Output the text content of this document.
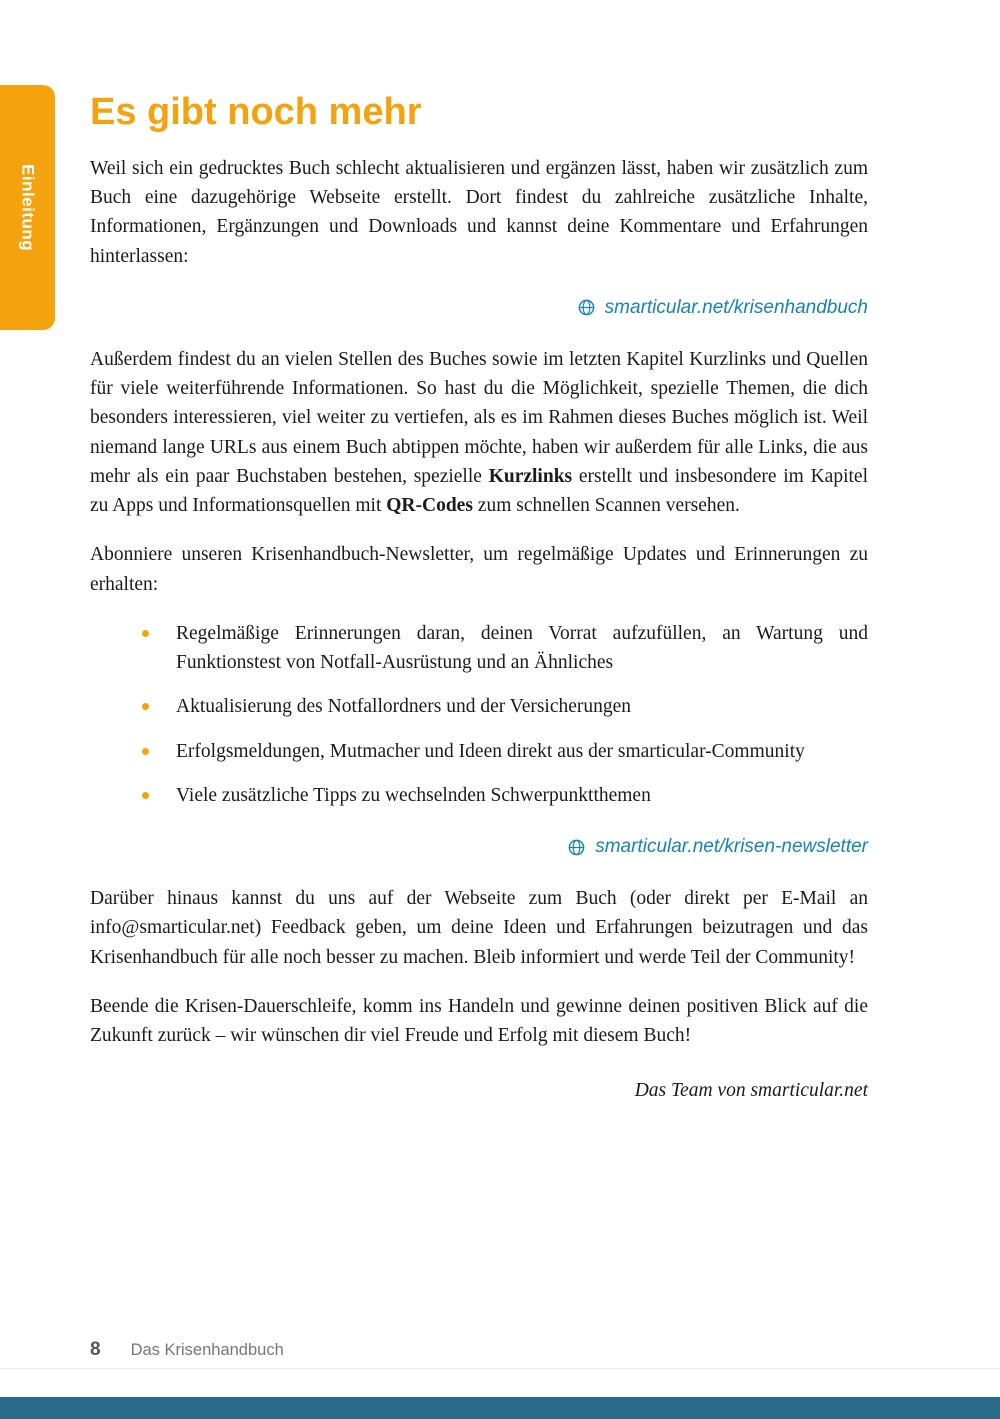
Einleitung
Es gibt noch mehr

Weil sich ein gedrucktes Buch schlecht aktualisieren und ergänzen lässt, haben wir zusätzlich zum Buch eine dazugehörige Webseite erstellt. Dort findest du zahlreiche zusätzliche Inhalte, Informationen, Ergänzungen und Downloads und kannst deine Kommentare und Erfahrungen hinterlassen:

smarticular.net/krisenhandbuch

Außerdem findest du an vielen Stellen des Buches sowie im letzten Kapitel Kurzlinks und Quellen für viele weiterführende Informationen. So hast du die Möglichkeit, spezielle Themen, die dich besonders interessieren, viel weiter zu vertiefen, als es im Rahmen dieses Buches möglich ist. Weil niemand lange URLs aus einem Buch abtippen möchte, haben wir außerdem für alle Links, die aus mehr als ein paar Buchstaben bestehen, spezielle Kurzlinks erstellt und insbesondere im Kapitel zu Apps und Informationsquellen mit QR-Codes zum schnellen Scannen versehen.

Abonniere unseren Krisenhandbuch-Newsletter, um regelmäßige Updates und Erinnerungen zu erhalten:

Regelmäßige Erinnerungen daran, deinen Vorrat aufzufüllen, an Wartung und Funktionstest von Notfall-Ausrüstung und an Ähnliches
Aktualisierung des Notfallordners und der Versicherungen
Erfolgsmeldungen, Mutmacher und Ideen direkt aus der smarticular-Community
Viele zusätzliche Tipps zu wechselnden Schwerpunktthemen
smarticular.net/krisen-newsletter

Darüber hinaus kannst du uns auf der Webseite zum Buch (oder direkt per E-Mail an info@smarticular.net) Feedback geben, um deine Ideen und Erfahrungen beizutragen und das Krisenhandbuch für alle noch besser zu machen. Bleib informiert und werde Teil der Community!

Beende die Krisen-Dauerschleife, komm ins Handeln und gewinne deinen positiven Blick auf die Zukunft zurück – wir wünschen dir viel Freude und Erfolg mit diesem Buch!

Das Team von smarticular.net

8 Das Krisenhandbuch
